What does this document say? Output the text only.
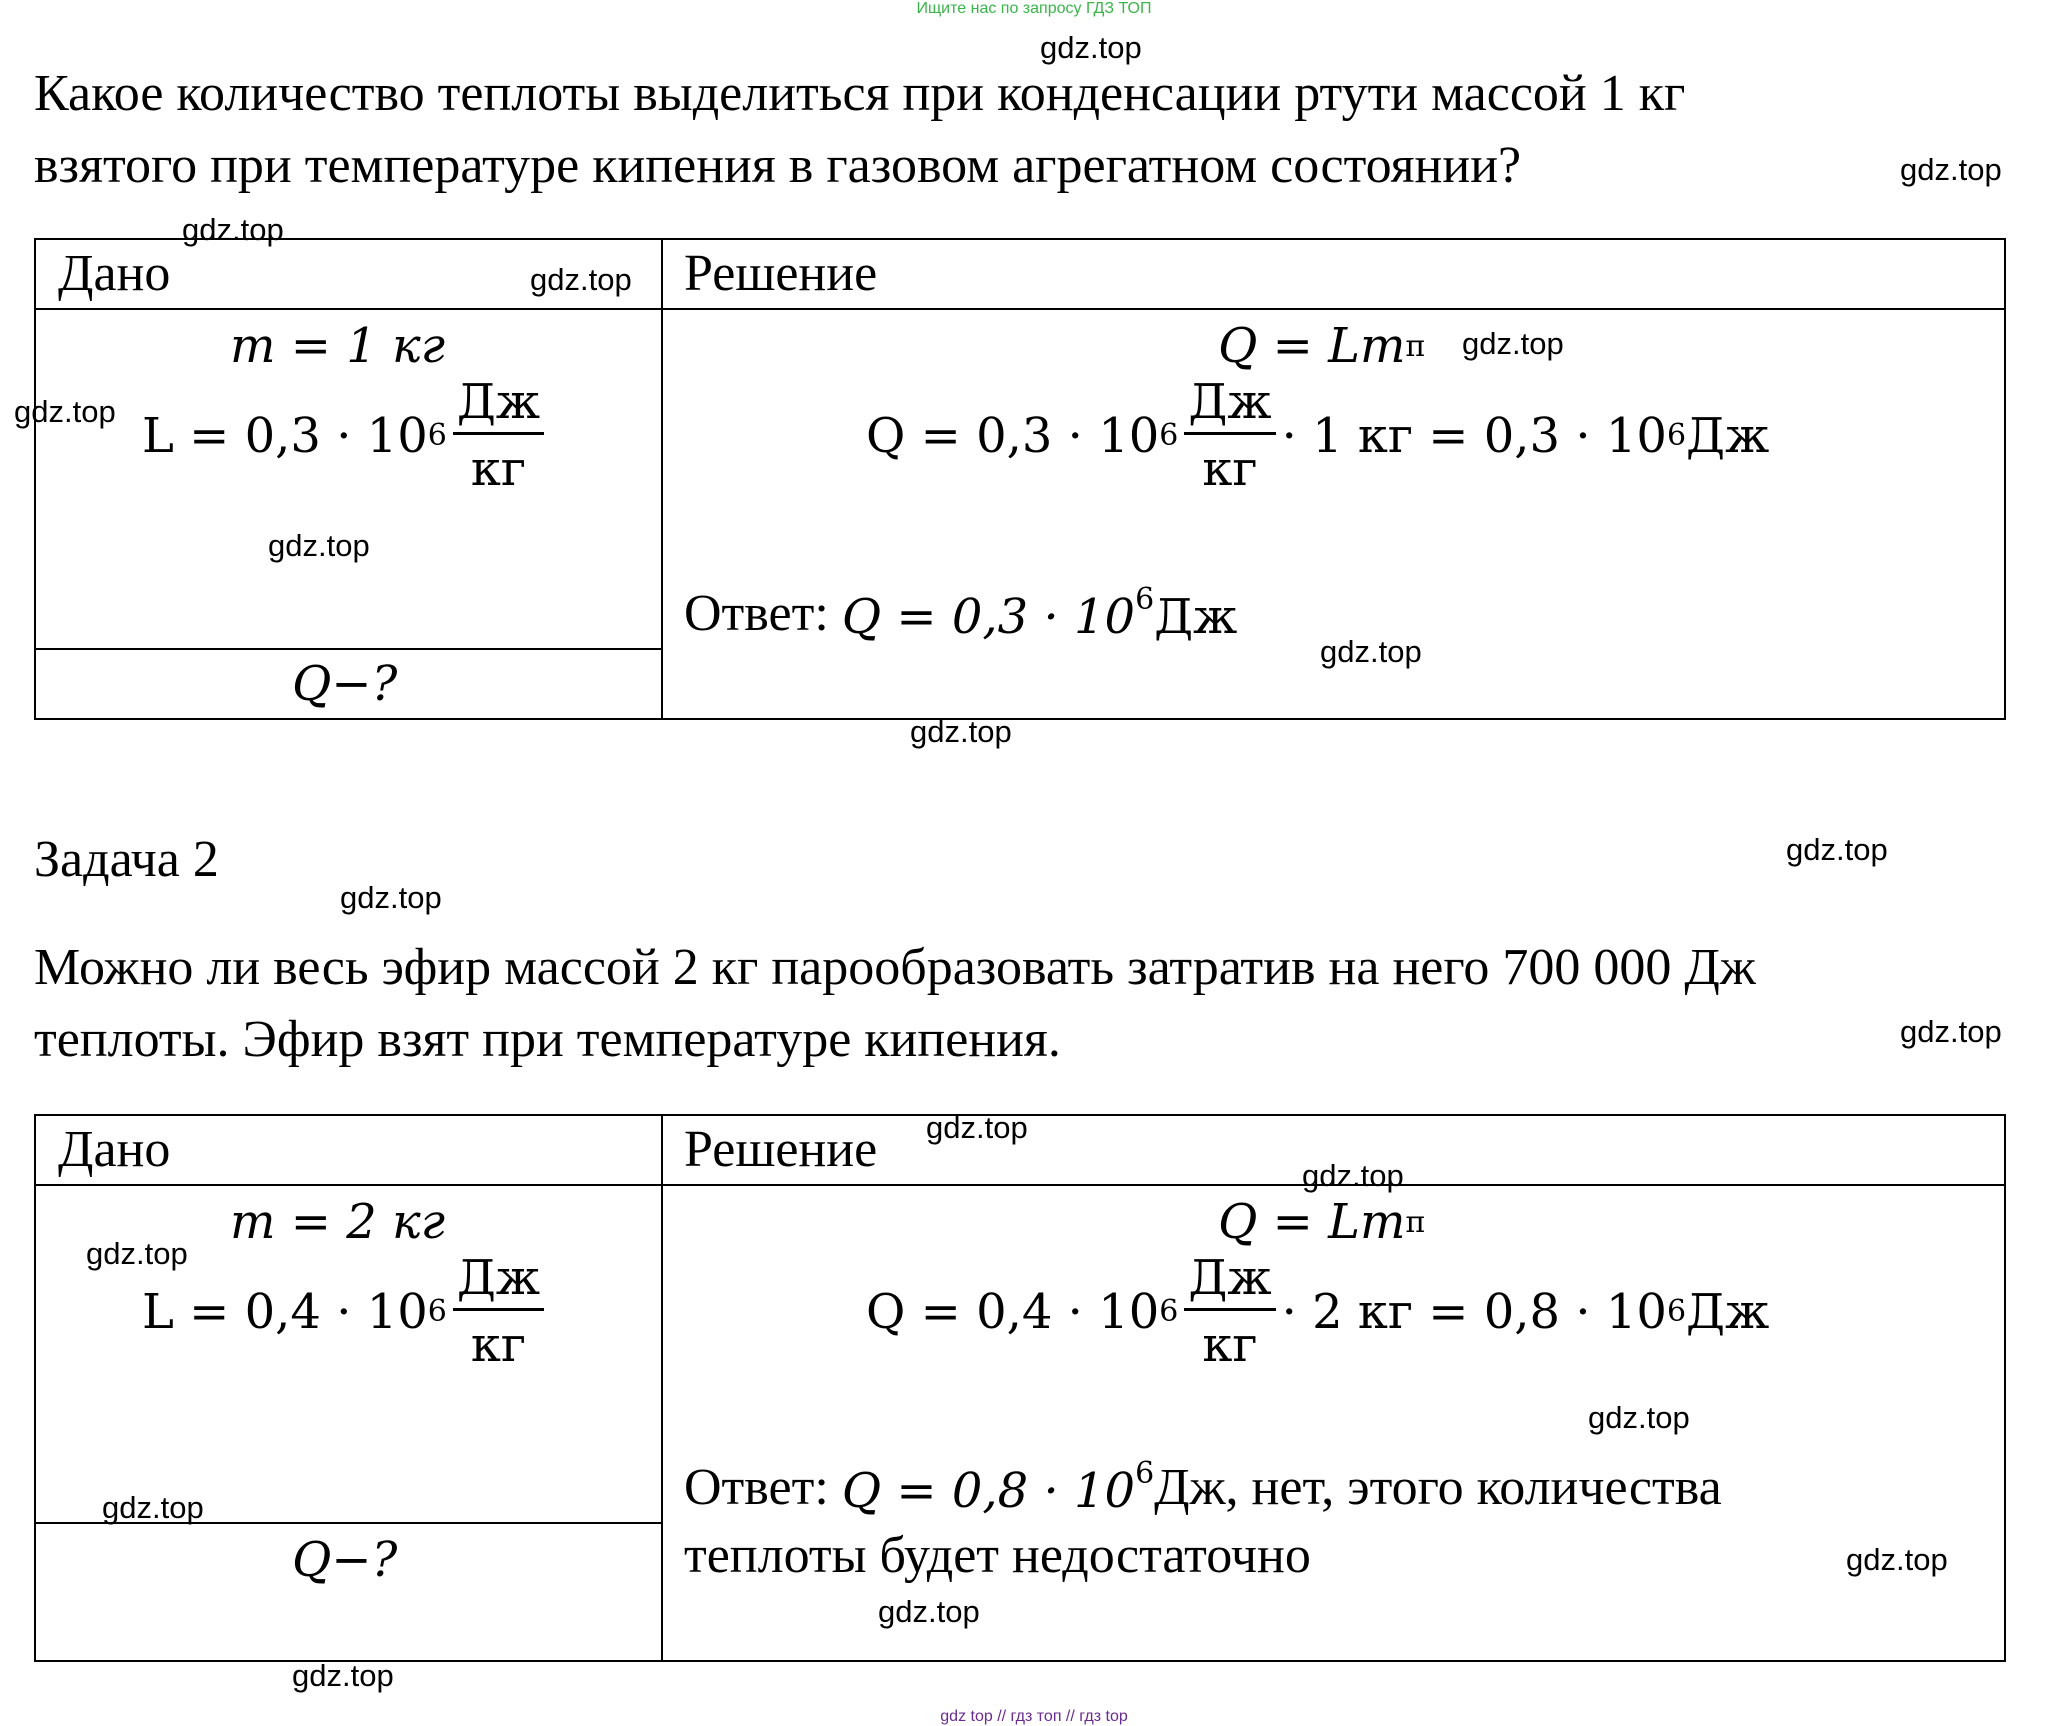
Ищите нас по запросу ГДЗ ТОП
Какое количество теплоты выделиться при конденсации ртути массой 1 кг
взятого при температуре кипения в газовом агрегатном состоянии?
Дано	Решение
m = 1 кг
L = 0,3 · 10 $6 \frac{Дж}{кг}$
Q−?
Q = Lm п
Q = 0,3 · 10 $6 \frac{Дж}{кг} \cdot 1$ кг = 0,3 · 10 6 Дж
Ответ:
$Q = 0,3 \cdot 10^6Дж$
Задача 2
Можно ли весь эфир массой 2 кг парообразовать затратив на него 700 000 Дж
теплоты. Эфир взят при температуре кипения.
Дано	Решение
m = 2 кг
L = 0,4 · 10 $6 \frac{Дж}{кг}$
Q−?
Q = Lm п
Q = 0,4 · 10 $6 \frac{Дж}{кг} \cdot 2$ кг = 0,8 · 10 6 Дж
Ответ:
$Q = 0,8 \cdot 10^6$ Дж, нет, этого количества
теплоты будет недостаточно
gdz.top
gdz.top
gdz.top
gdz.top
gdz.top
gdz.top
gdz.top
gdz.top
gdz.top
gdz.top
gdz.top
gdz.top
gdz.top
gdz.top
gdz.top
gdz.top
gdz.top
gdz.top
gdz.top
gdz.top
gdz top // гдз топ // гдз top
